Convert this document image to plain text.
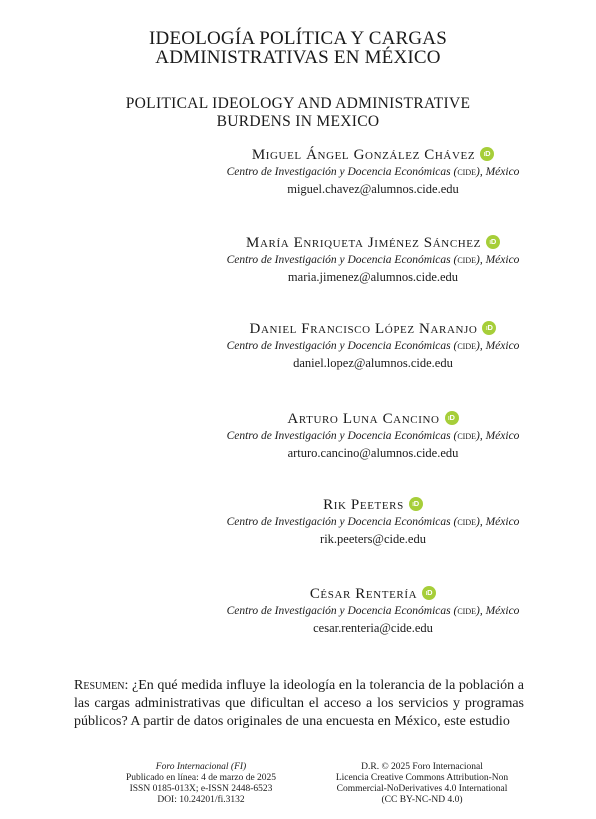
IDEOLOGÍA POLÍTICA Y CARGAS
ADMINISTRATIVAS EN MÉXICO
POLITICAL IDEOLOGY AND ADMINISTRATIVE
BURDENS IN MEXICO
Miguel Ángel González Chávez iD
Centro de Investigación y Docencia Económicas (cide), México
miguel.chavez@alumnos.cide.edu
María Enriqueta Jiménez Sánchez iD
Centro de Investigación y Docencia Económicas (cide), México
maria.jimenez@alumnos.cide.edu
Daniel Francisco López Naranjo iD
Centro de Investigación y Docencia Económicas (cide), México
daniel.lopez@alumnos.cide.edu
Arturo Luna Cancino iD
Centro de Investigación y Docencia Económicas (cide), México
arturo.cancino@alumnos.cide.edu
Rik Peeters iD
Centro de Investigación y Docencia Económicas (cide), México
rik.peeters@cide.edu
César Rentería iD
Centro de Investigación y Docencia Económicas (cide), México
cesar.renteria@cide.edu
Resumen: ¿En qué medida influye la ideología en la tolerancia de la población a las cargas administrativas que dificultan el acceso a los servicios y programas públicos? A partir de datos originales de una encuesta en México, este estudio
Foro Internacional (FI)
Publicado en línea: 4 de marzo de 2025
ISSN 0185-013X; e-ISSN 2448-6523
DOI: 10.24201/fi.3132
D.R. © 2025 Foro Internacional
Licencia Creative Commons Attribution-Non
Commercial-NoDerivatives 4.0 International
(CC BY-NC-ND 4.0)
